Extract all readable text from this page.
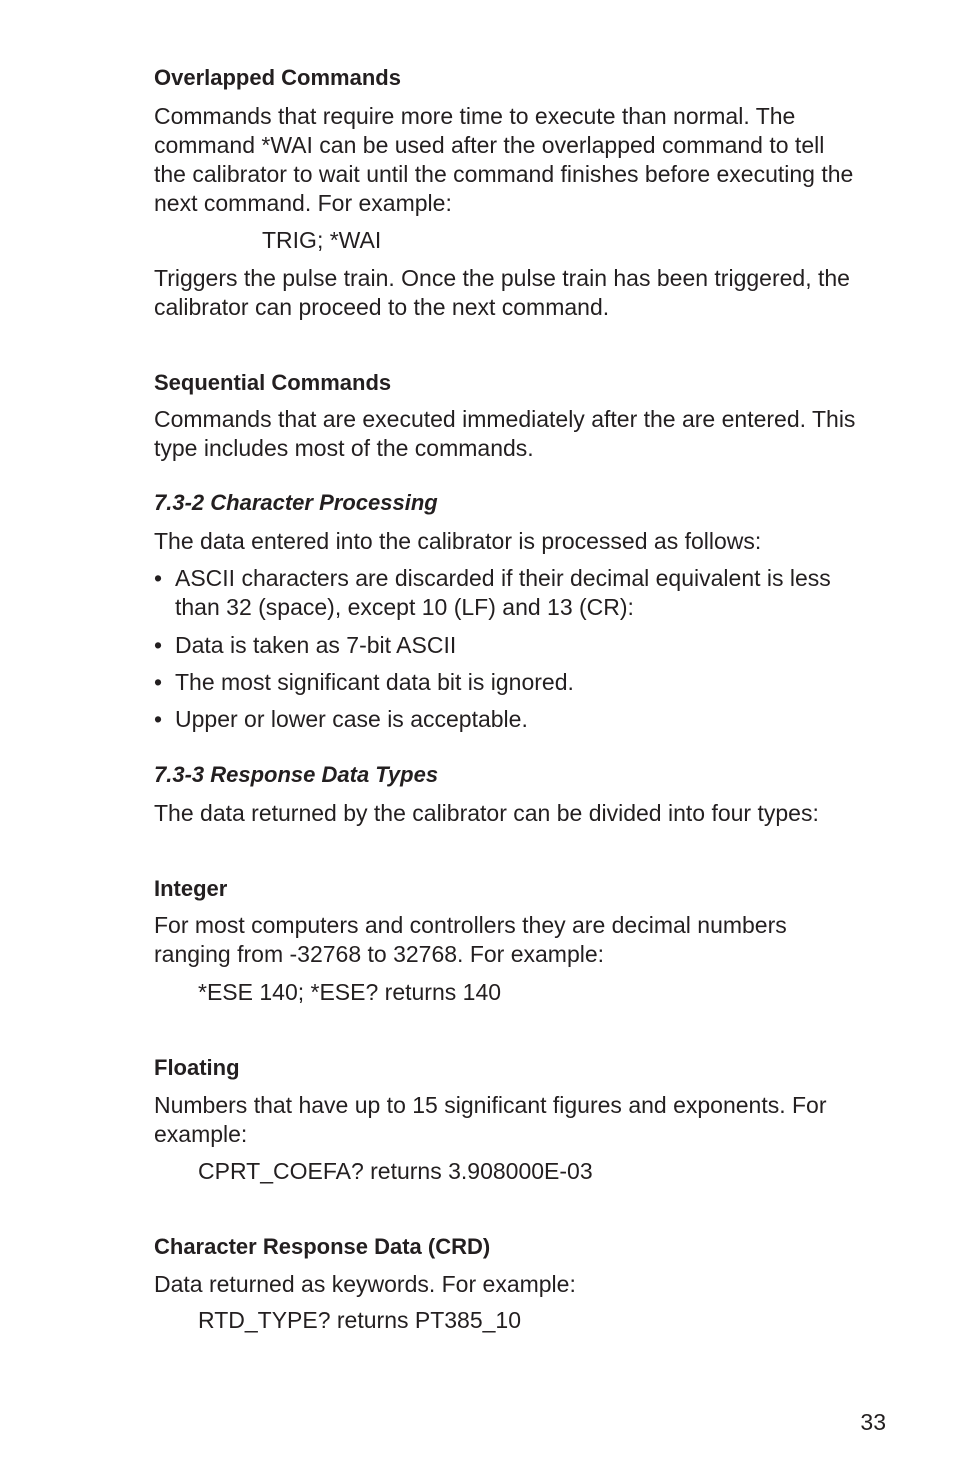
Overlapped Commands
Commands that require more time to execute than normal. The
command *WAI can be used after the overlapped command to tell
the calibrator to wait until the command finishes before executing the
next command. For example:
TRIG; *WAI
Triggers the pulse train. Once the pulse train has been triggered, the
calibrator can proceed to the next command.
Sequential Commands
Commands that are executed immediately after the are entered. This
type includes most of the commands.
7.3-2 Character Processing
The data entered into the calibrator is processed as follows:
• ASCII characters are discarded if their decimal equivalent is less
than 32 (space), except 10 (LF) and 13 (CR):
• Data is taken as 7-bit ASCII
• The most significant data bit is ignored.
• Upper or lower case is acceptable.
7.3-3 Response Data Types
The data returned by the calibrator can be divided into four types:
Integer
For most computers and controllers they are decimal numbers
ranging from -32768 to 32768. For example:
*ESE 140; *ESE? returns 140
Floating
Numbers that have up to 15 significant figures and exponents. For
example:
CPRT_COEFA? returns 3.908000E-03
Character Response Data (CRD)
Data returned as keywords. For example:
RTD_TYPE? returns PT385_10
33
